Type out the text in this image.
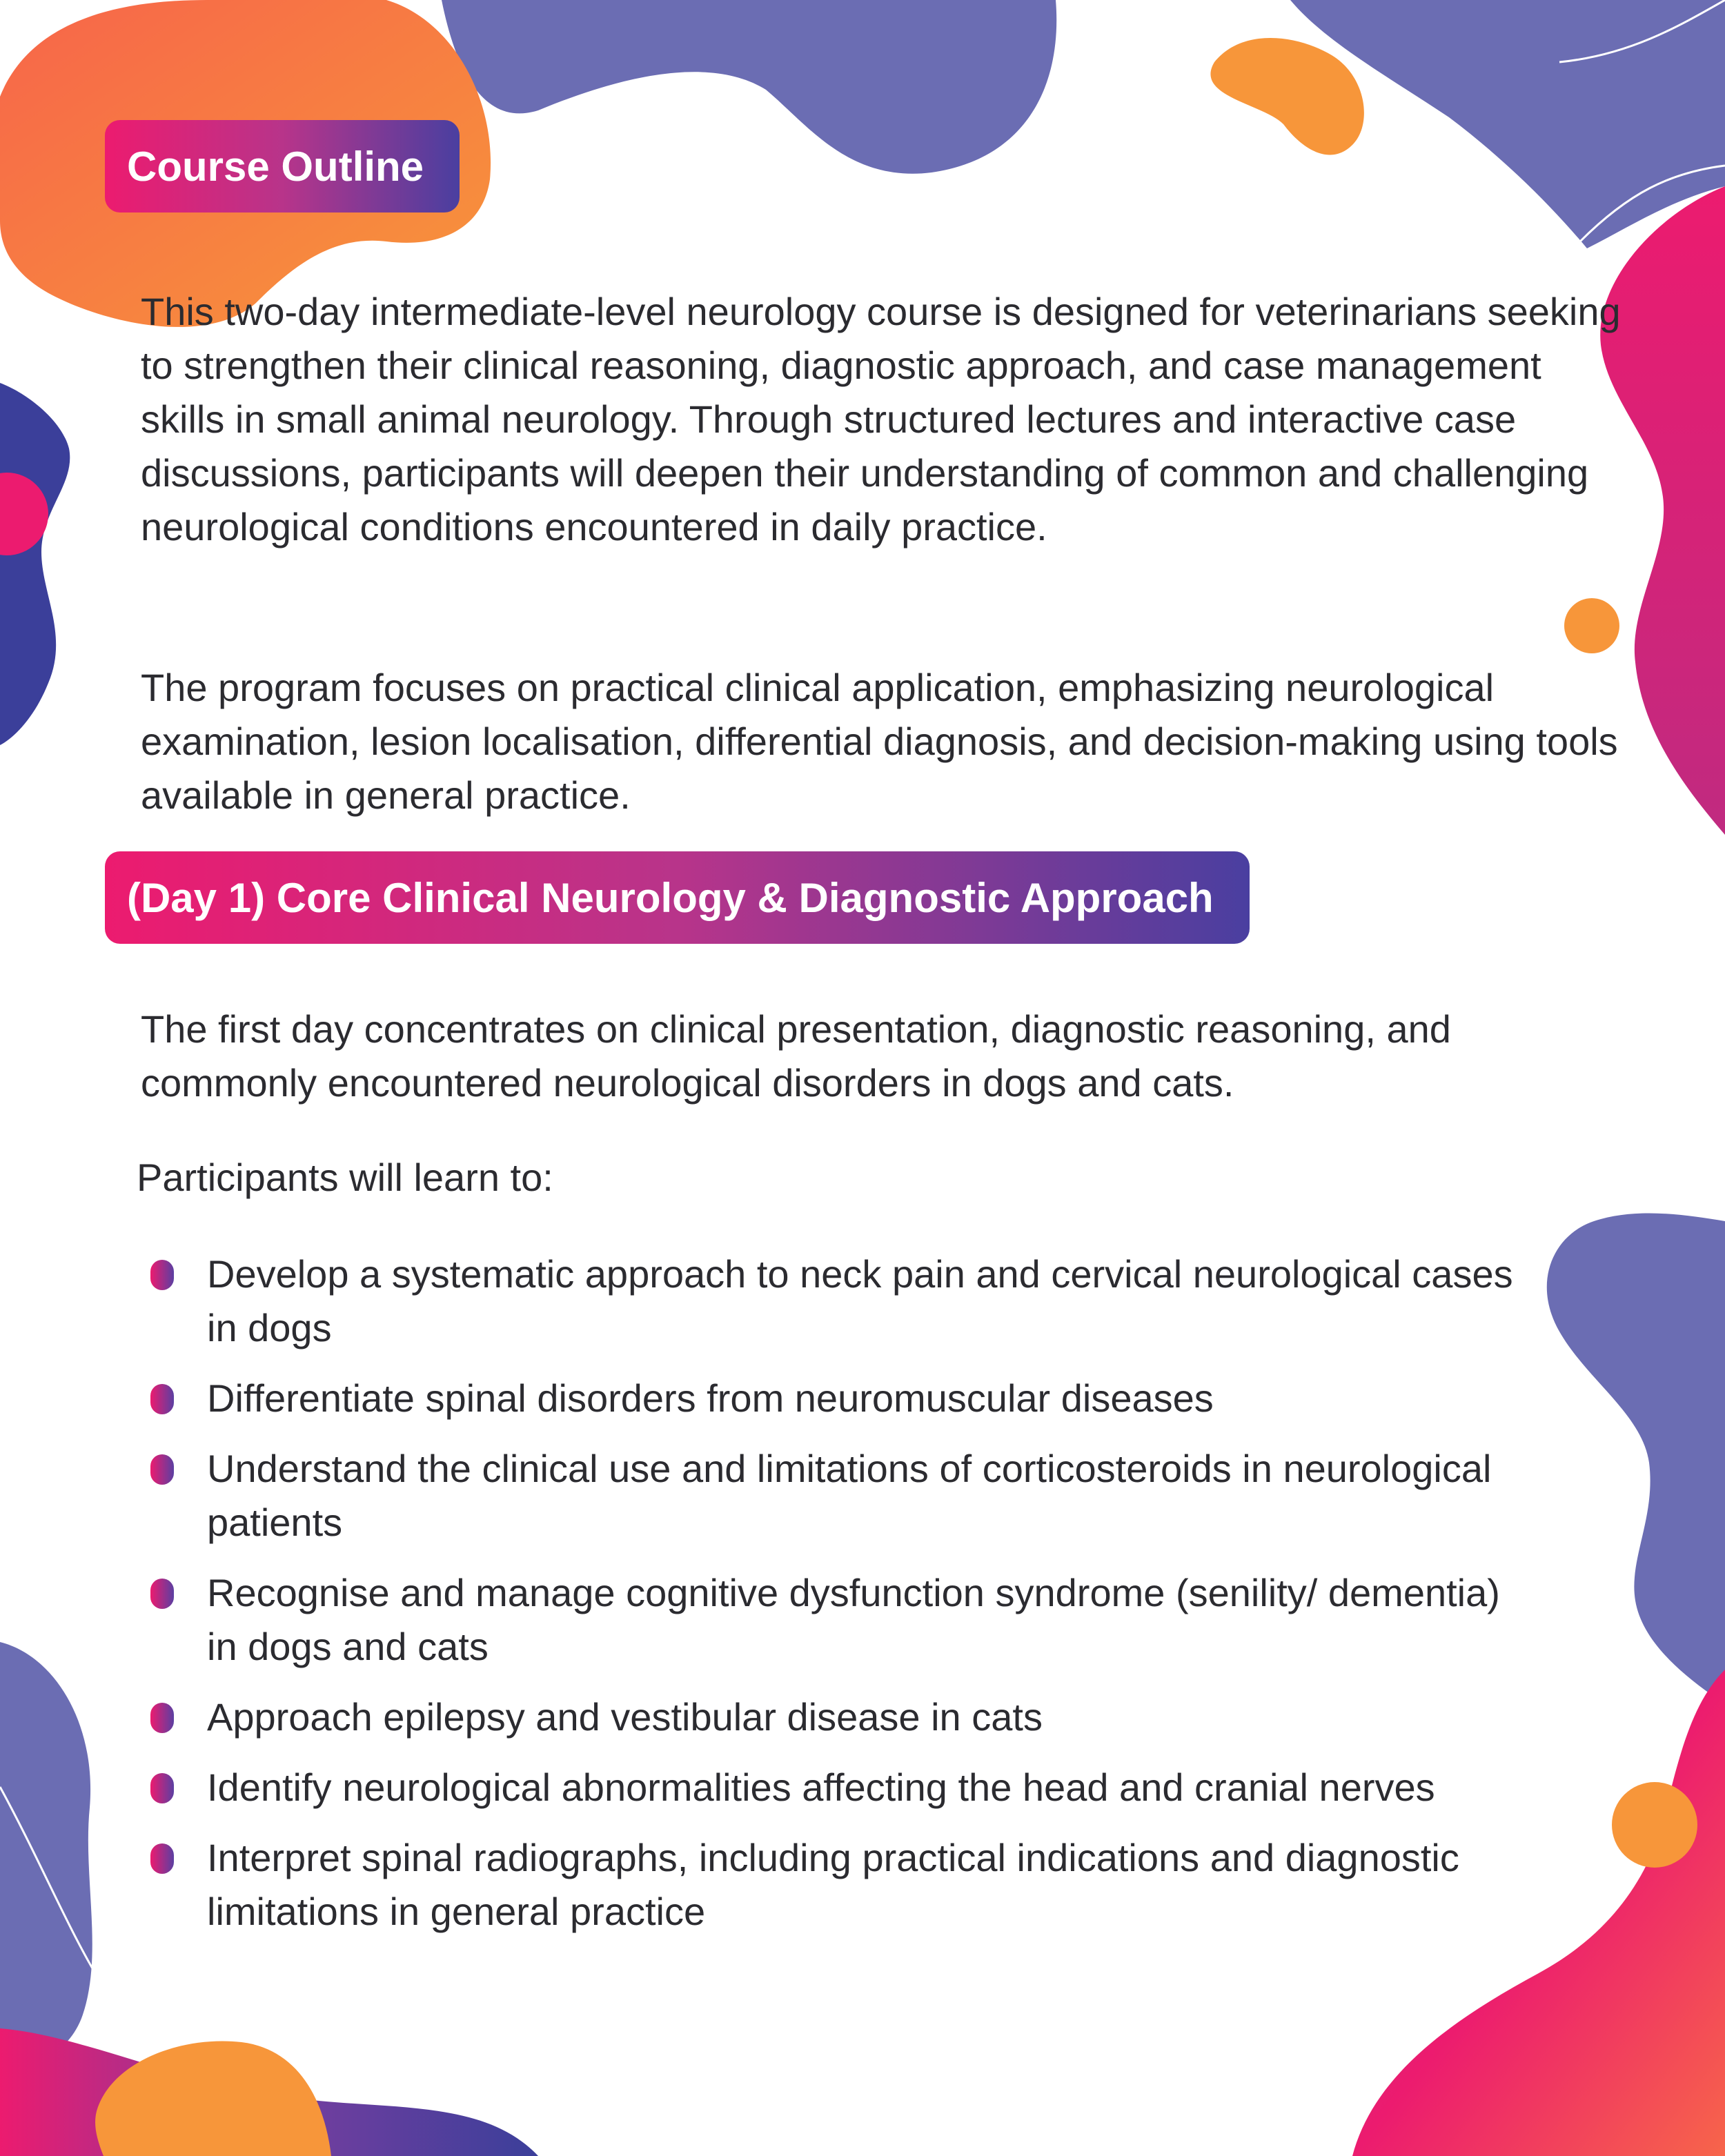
Course Outline

This two-day intermediate-level neurology course is designed for veterinarians seeking to strengthen their clinical reasoning, diagnostic approach, and case management skills in small animal neurology. Through structured lectures and interactive case discussions, participants will deepen their understanding of common and challenging neurological conditions encountered in daily practice.

The program focuses on practical clinical application, emphasizing neurological examination, lesion localisation, differential diagnosis, and decision-making using tools available in general practice.

(Day 1) Core Clinical Neurology & Diagnostic Approach

The first day concentrates on clinical presentation, diagnostic reasoning, and commonly encountered neurological disorders in dogs and cats.

Participants will learn to:

Develop a systematic approach to neck pain and cervical neurological cases in dogs
Differentiate spinal disorders from neuromuscular diseases
Understand the clinical use and limitations of corticosteroids in neurological patients
Recognise and manage cognitive dysfunction syndrome (senility/ dementia) in dogs and cats
Approach epilepsy and vestibular disease in cats
Identify neurological abnormalities affecting the head and cranial nerves
Interpret spinal radiographs, including practical indications and diagnostic limitations in general practice
